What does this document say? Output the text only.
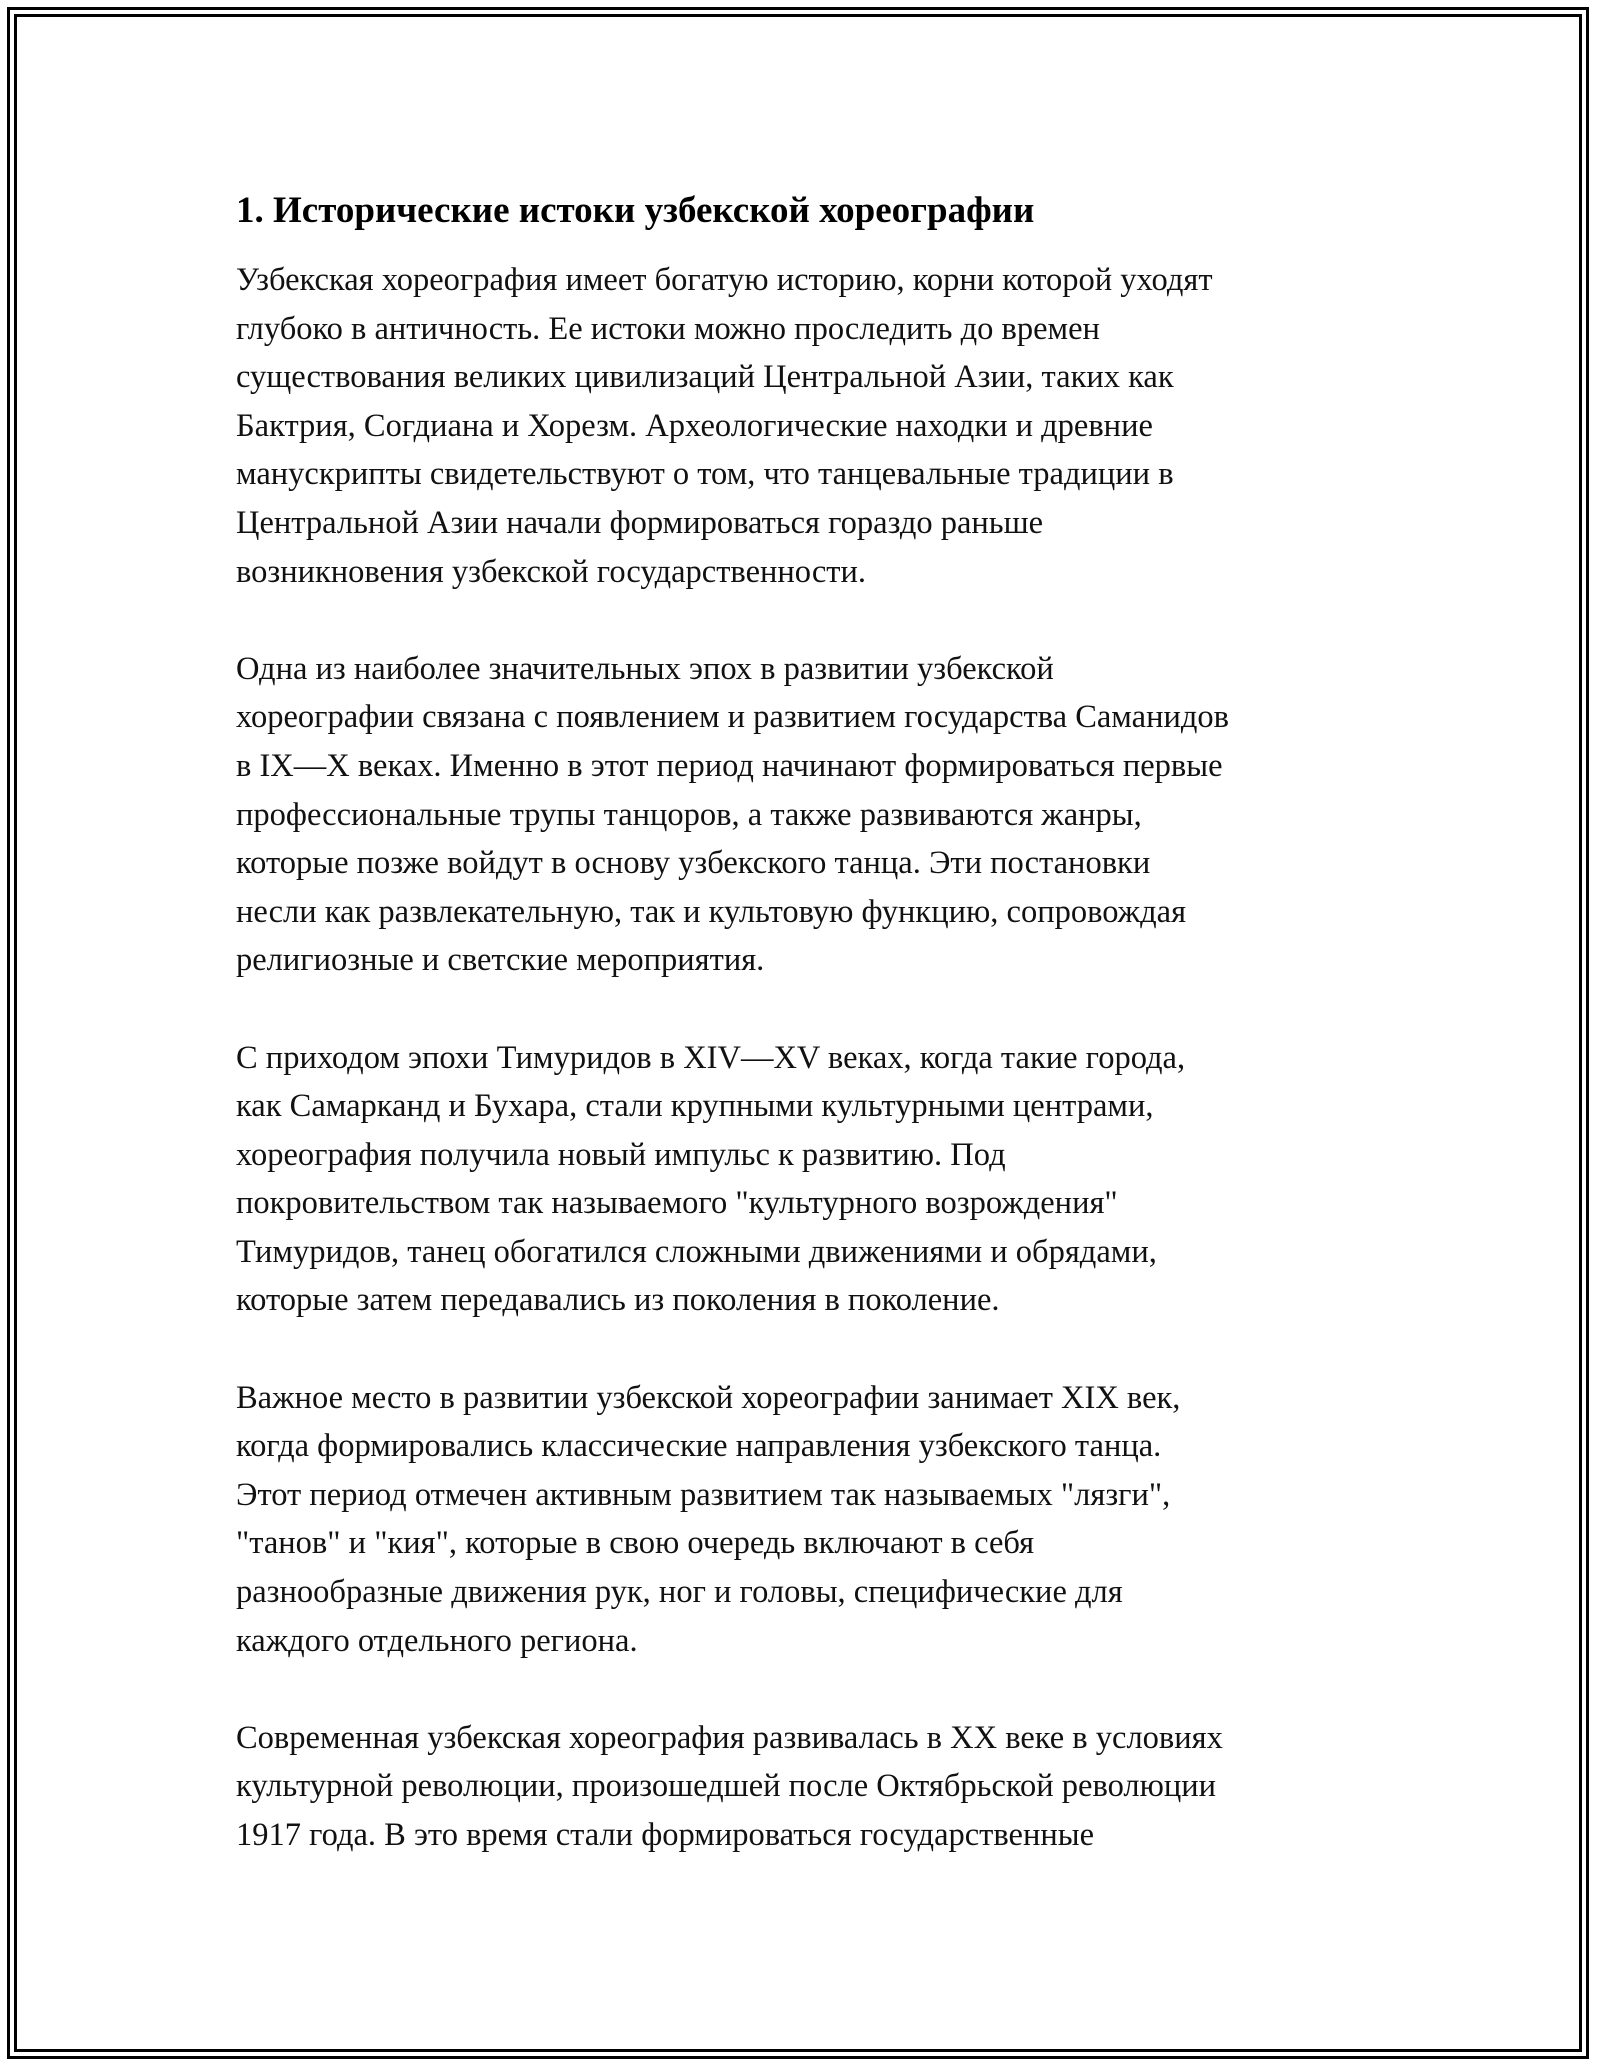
1. Исторические истоки узбекской хореографии

Узбекская хореография имеет богатую историю, корни которой уходят
глубоко в античность. Ее истоки можно проследить до времен
существования великих цивилизаций Центральной Азии, таких как
Бактрия, Согдиана и Хорезм. Археологические находки и древние
манускрипты свидетельствуют о том, что танцевальные традиции в
Центральной Азии начали формироваться гораздо раньше
возникновения узбекской государственности.

Одна из наиболее значительных эпох в развитии узбекской
хореографии связана с появлением и развитием государства Саманидов
в IX—X веках. Именно в этот период начинают формироваться первые
профессиональные трупы танцоров, а также развиваются жанры,
которые позже войдут в основу узбекского танца. Эти постановки
несли как развлекательную, так и культовую функцию, сопровождая
религиозные и светские мероприятия.

С приходом эпохи Тимуридов в XIV—XV веках, когда такие города,
как Самарканд и Бухара, стали крупными культурными центрами,
хореография получила новый импульс к развитию. Под
покровительством так называемого "культурного возрождения"
Тимуридов, танец обогатился сложными движениями и обрядами,
которые затем передавались из поколения в поколение.

Важное место в развитии узбекской хореографии занимает XIX век,
когда формировались классические направления узбекского танца.
Этот период отмечен активным развитием так называемых "лязги",
"танов" и "кия", которые в свою очередь включают в себя
разнообразные движения рук, ног и головы, специфические для
каждого отдельного региона.

Современная узбекская хореография развивалась в XX веке в условиях
культурной революции, произошедшей после Октябрьской революции
1917 года. В это время стали формироваться государственные
